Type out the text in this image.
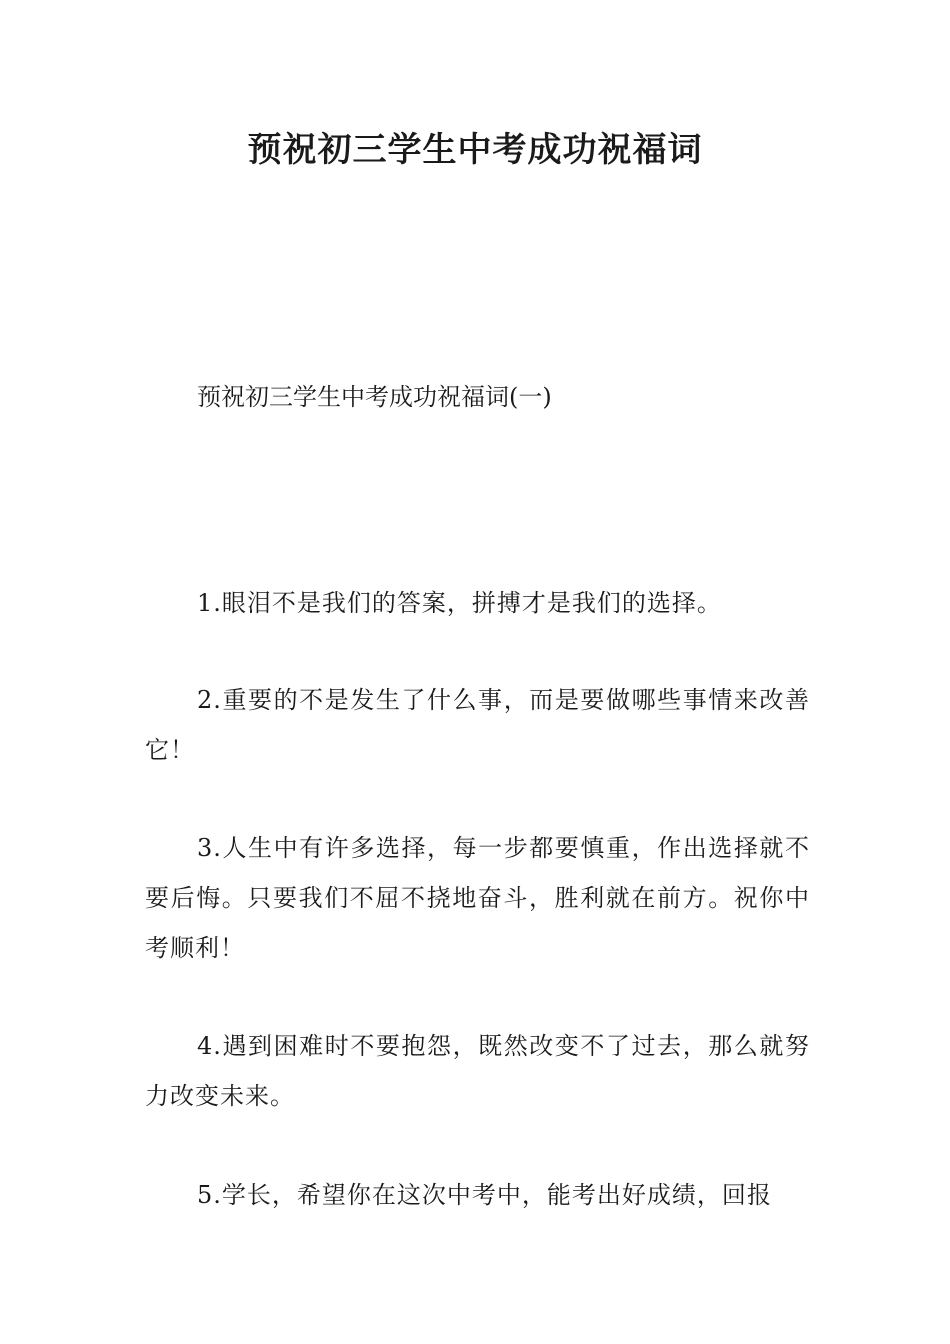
预祝初三学生中考成功祝福词

预祝初三学生中考成功祝福词(一)

1.眼泪不是我们的答案，拼搏才是我们的选择。

2.重要的不是发生了什么事，而是要做哪些事情来改善它！

3.人生中有许多选择，每一步都要慎重，作出选择就不要后悔。只要我们不屈不挠地奋斗，胜利就在前方。祝你中考顺利！

4.遇到困难时不要抱怨，既然改变不了过去，那么就努力改变未来。

5.学长，希望你在这次中考中，能考出好成绩，回报
